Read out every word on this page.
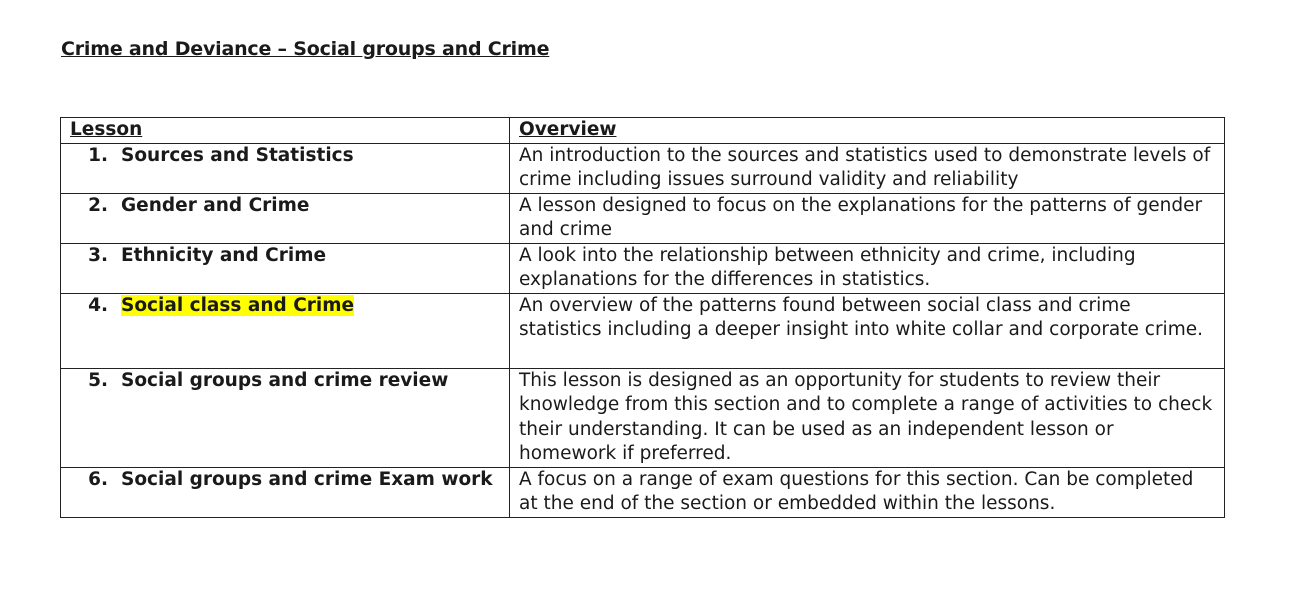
Crime and Deviance – Social groups and Crime
Lesson	Overview
1. Sources and Statistics	An introduction to the sources and statistics used to demonstrate levels of crime including issues surround validity and reliability
2. Gender and Crime	A lesson designed to focus on the explanations for the patterns of gender and crime
3. Ethnicity and Crime	A look into the relationship between ethnicity and crime, including explanations for the differences in statistics.
4. Social class and Crime	An overview of the patterns found between social class and crime statistics including a deeper insight into white collar and corporate crime.
5. Social groups and crime review	This lesson is designed as an opportunity for students to review their knowledge from this section and to complete a range of activities to check their understanding. It can be used as an independent lesson or homework if preferred.
6. Social groups and crime Exam work	A focus on a range of exam questions for this section. Can be completed at the end of the section or embedded within the lessons.
